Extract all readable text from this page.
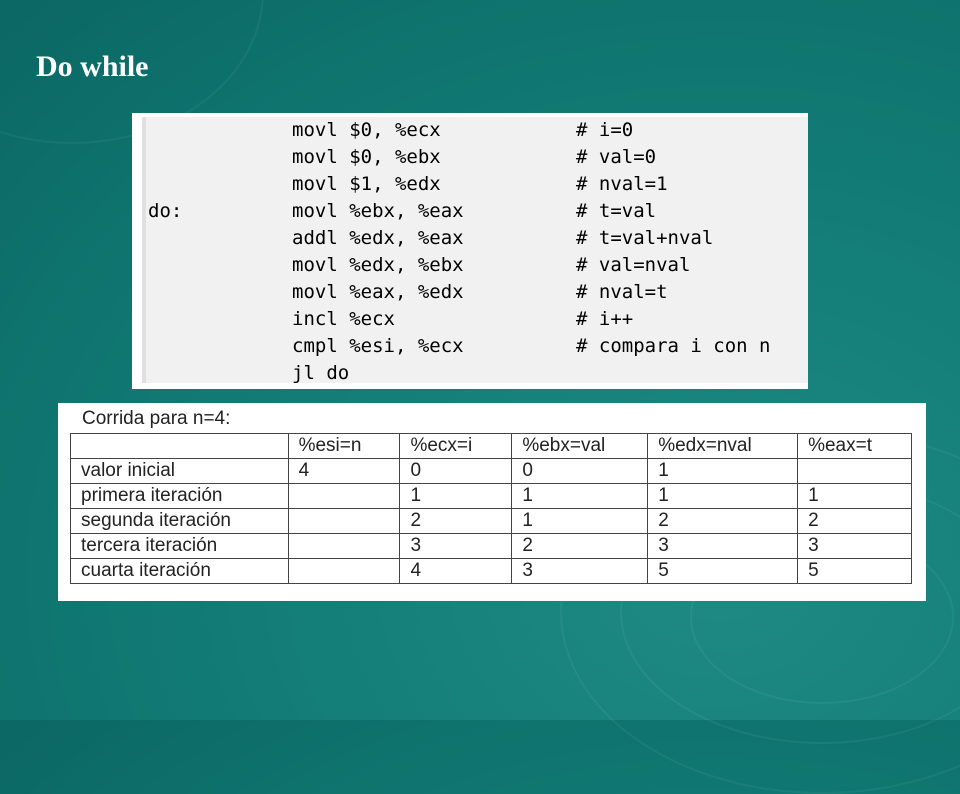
Do while
movl $0, %ecx	# i=0
movl $0, %ebx	# val=0
movl $1, %edx	# nval=1
do:	movl %ebx, %eax	# t=val
addl %edx, %eax	# t=val+nval
movl %edx, %ebx	# val=nval
movl %eax, %edx	# nval=t
incl %ecx	# i++
cmpl %esi, %ecx	# compara i con n
jl do
Corrida para n=4:
	%esi=n	%ecx=i	%ebx=val	%edx=nval	%eax=t
valor inicial	4	0	0	1	
primera iteración		1	1	1	1
segunda iteración		2	1	2	2
tercera iteración		3	2	3	3
cuarta iteración		4	3	5	5
